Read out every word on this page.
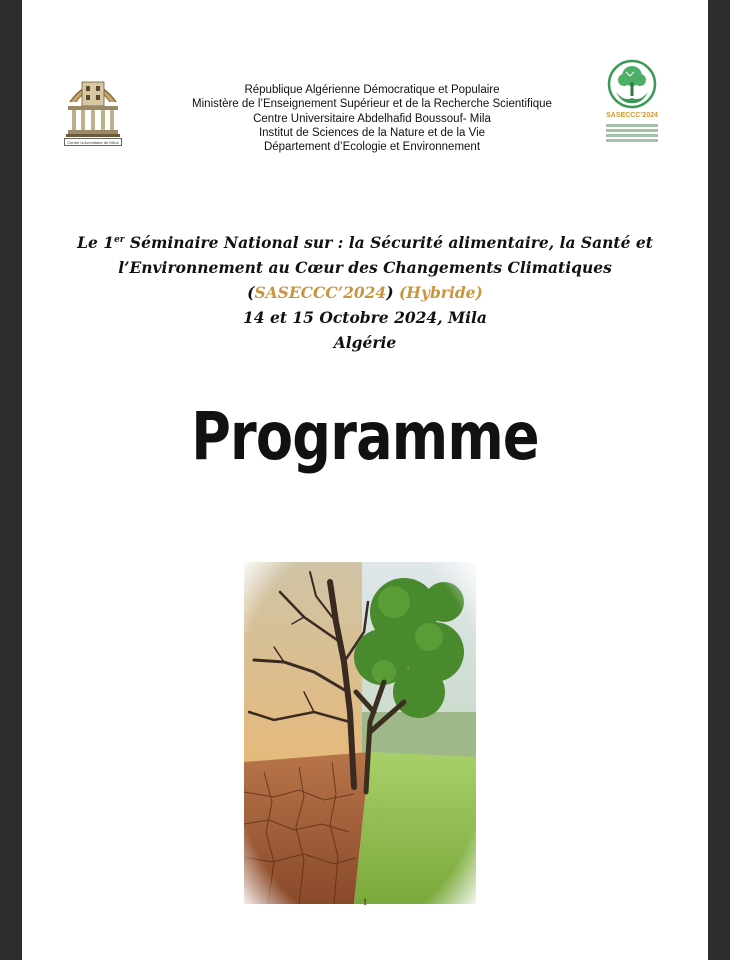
Centre Universitaire de MILA
SASECCC’2024
République Algérienne Démocratique et Populaire
Ministère de l’Enseignement Supérieur et de la Recherche Scientifique
Centre Universitaire Abdelhafid Boussouf- Mila
Institut de Sciences de la Nature et de la Vie
Département d’Ecologie et Environnement
Le 1er Séminaire National sur : la Sécurité alimentaire, la Santé et
l’Environnement au Cœur des Changements Climatiques
(SASECCC’2024) (Hybride)
14 et 15 Octobre 2024, Mila
Algérie
Programme
1
